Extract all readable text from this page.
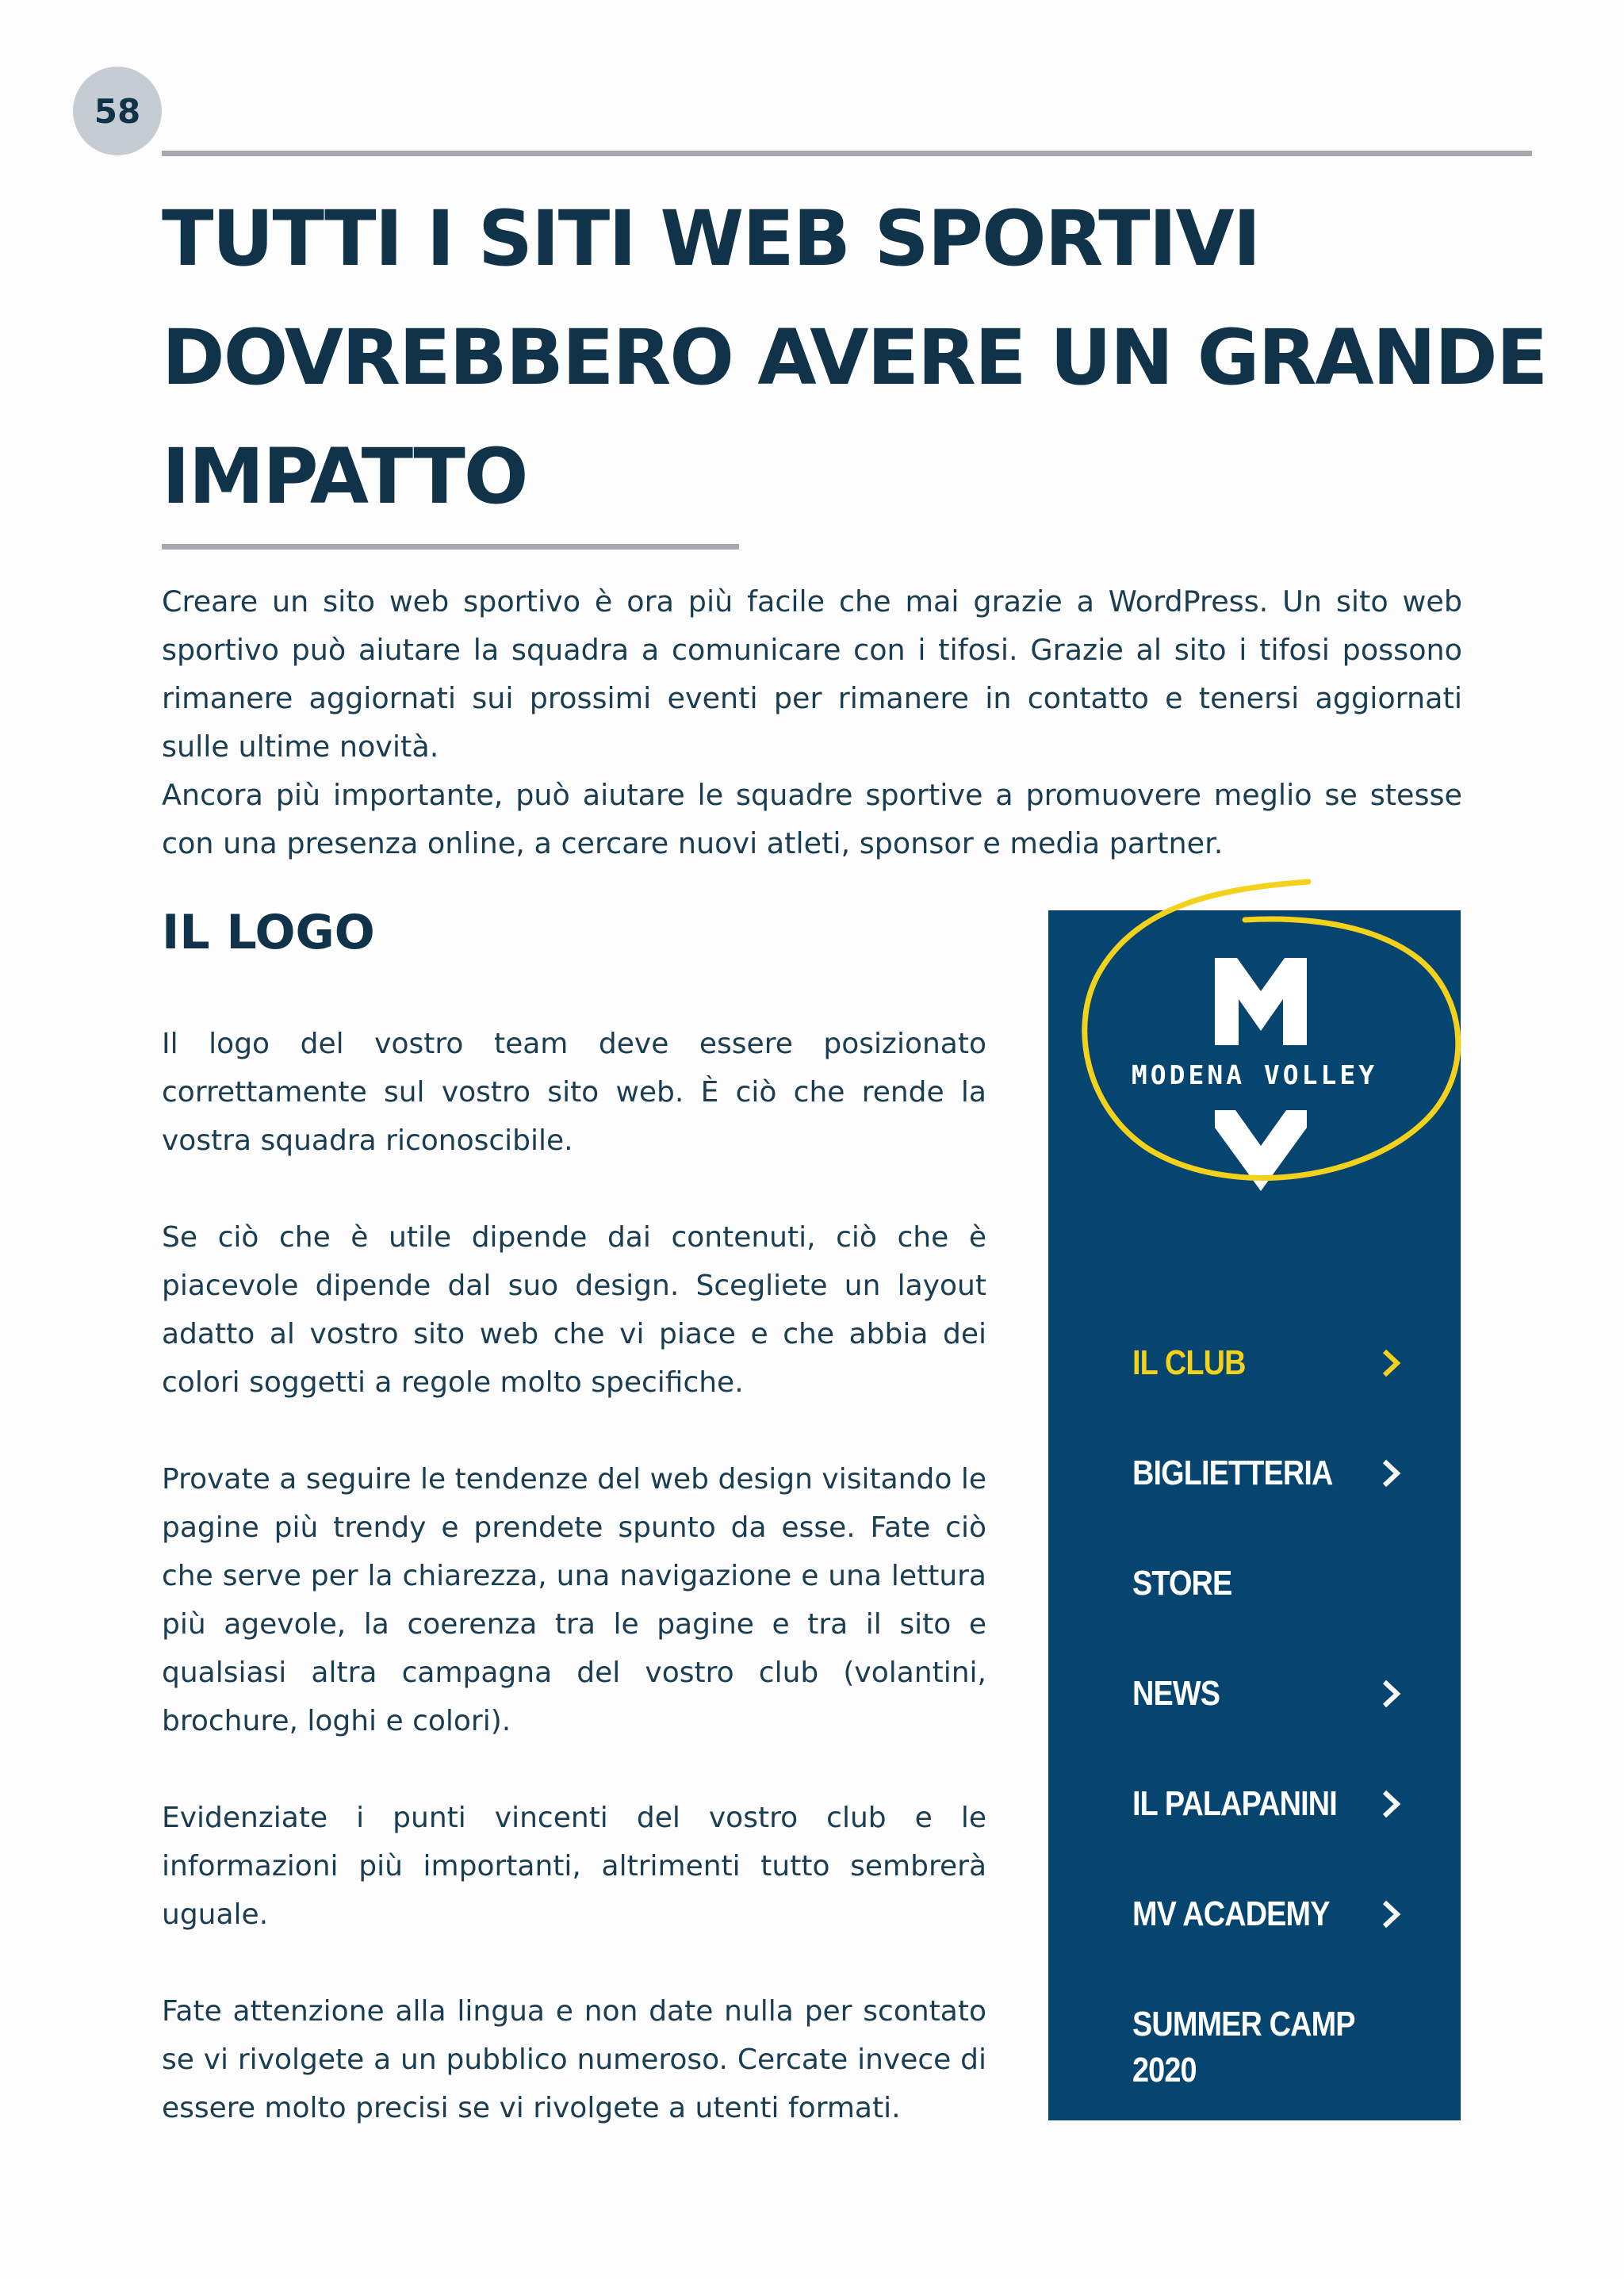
58
TUTTI I SITI WEB SPORTIVI
DOVREBBERO AVERE UN GRANDE
IMPATTO

Creare un sito web sportivo è ora più facile che mai grazie a WordPress. Un sito web sportivo può aiutare la squadra a comunicare con i tifosi. Grazie al sito i tifosi possono rimanere aggiornati sui prossimi eventi per rimanere in contatto e tenersi aggiornati sulle ultime novità.

Ancora più importante, può aiutare le squadre sportive a promuovere meglio se stesse con una presenza online, a cercare nuovi atleti, sponsor e media partner.

IL LOGO

Il logo del vostro team deve essere posizionato correttamente sul vostro sito web. È ciò che rende la vostra squadra riconoscibile.

Se ciò che è utile dipende dai contenuti, ciò che è piacevole dipende dal suo design. Scegliete un layout adatto al vostro sito web che vi piace e che abbia dei colori soggetti a regole molto specifiche.

Provate a seguire le tendenze del web design visitando le pagine più trendy e prendete spunto da esse. Fate ciò che serve per la chiarezza, una navigazione e una lettura più agevole, la coerenza tra le pagine e tra il sito e qualsiasi altra campagna del vostro club (volantini, brochure, loghi e colori).

Evidenziate i punti vincenti del vostro club e le informazioni più importanti, altrimenti tutto sembrerà uguale.

Fate attenzione alla lingua e non date nulla per scontato se vi rivolgete a un pubblico numeroso. Cercate invece di essere molto precisi se vi rivolgete a utenti formati.

MODENA VOLLEY
IL CLUB
BIGLIETTERIA
STORE
NEWS
IL PALAPANINI
MV ACADEMY
SUMMER CAMP
2020
